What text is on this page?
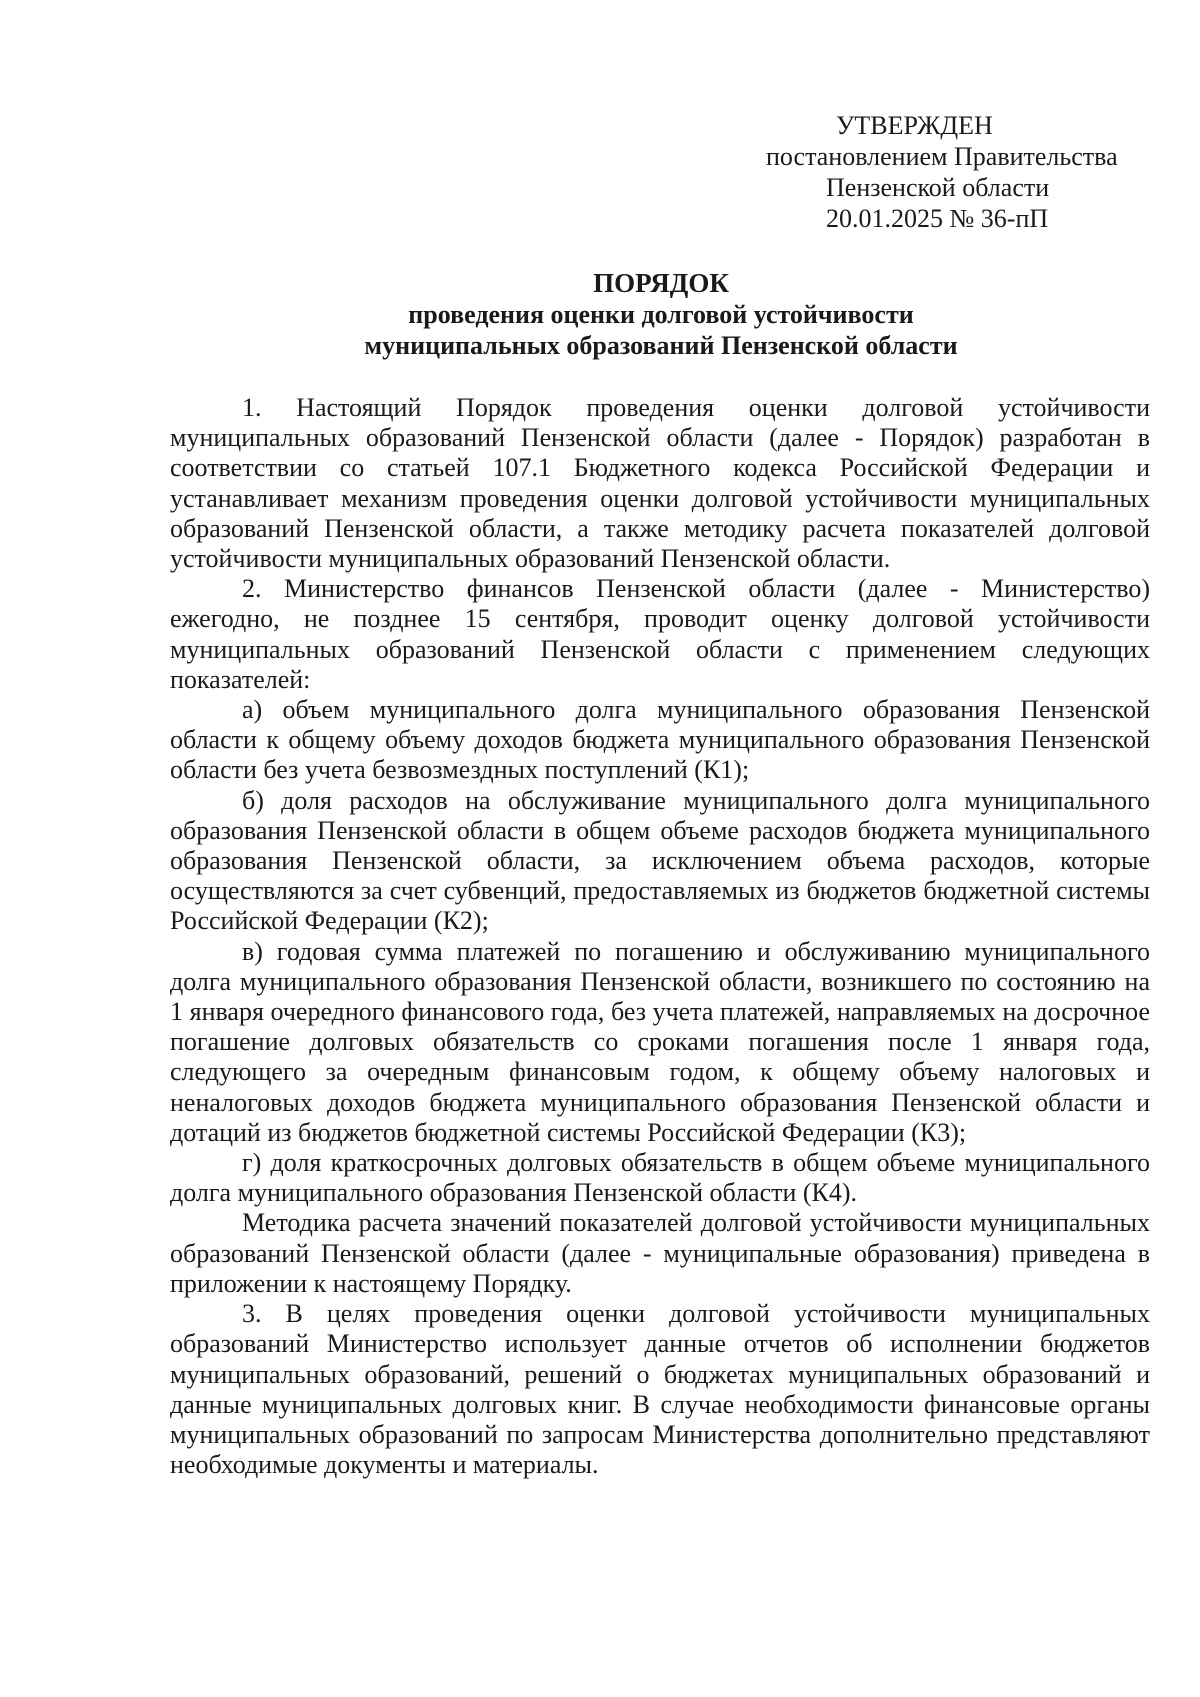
УТВЕРЖДЕН
постановлением Правительства
Пензенской области
20.01.2025 № 36-пП
ПОРЯДОК
проведения оценки долговой устойчивости
муниципальных образований Пензенской области

1. Настоящий Порядок проведения оценки долговой устойчивости муниципальных образований Пензенской области (далее - Порядок) разработан в соответствии со статьей 107.1 Бюджетного кодекса Российской Федерации и устанавливает механизм проведения оценки долговой устойчивости муниципальных образований Пензенской области, а также методику расчета показателей долговой устойчивости муниципальных образований Пензенской области.

2. Министерство финансов Пензенской области (далее - Министерство) ежегодно, не позднее 15 сентября, проводит оценку долговой устойчивости муниципальных образований Пензенской области с применением следующих показателей:

а) объем муниципального долга муниципального образования Пензенской области к общему объему доходов бюджета муниципального образования Пензенской области без учета безвозмездных поступлений (К1);

б) доля расходов на обслуживание муниципального долга муниципального образования Пензенской области в общем объеме расходов бюджета муниципального образования Пензенской области, за исключением объема расходов, которые осуществляются за счет субвенций, предоставляемых из бюджетов бюджетной системы Российской Федерации (К2);

в) годовая сумма платежей по погашению и обслуживанию муниципального долга муниципального образования Пензенской области, возникшего по состоянию на 1 января очередного финансового года, без учета платежей, направляемых на досрочное погашение долговых обязательств со сроками погашения после 1 января года, следующего за очередным финансовым годом, к общему объему налоговых и неналоговых доходов бюджета муниципального образования Пензенской области и дотаций из бюджетов бюджетной системы Российской Федерации (К3);

г) доля краткосрочных долговых обязательств в общем объеме муниципального долга муниципального образования Пензенской области (К4).

Методика расчета значений показателей долговой устойчивости муниципальных образований Пензенской области (далее - муниципальные образования) приведена в приложении к настоящему Порядку.

3. В целях проведения оценки долговой устойчивости муниципальных образований Министерство использует данные отчетов об исполнении бюджетов муниципальных образований, решений о бюджетах муниципальных образований и данные муниципальных долговых книг. В случае необходимости финансовые органы муниципальных образований по запросам Министерства дополнительно представляют необходимые документы и материалы.
